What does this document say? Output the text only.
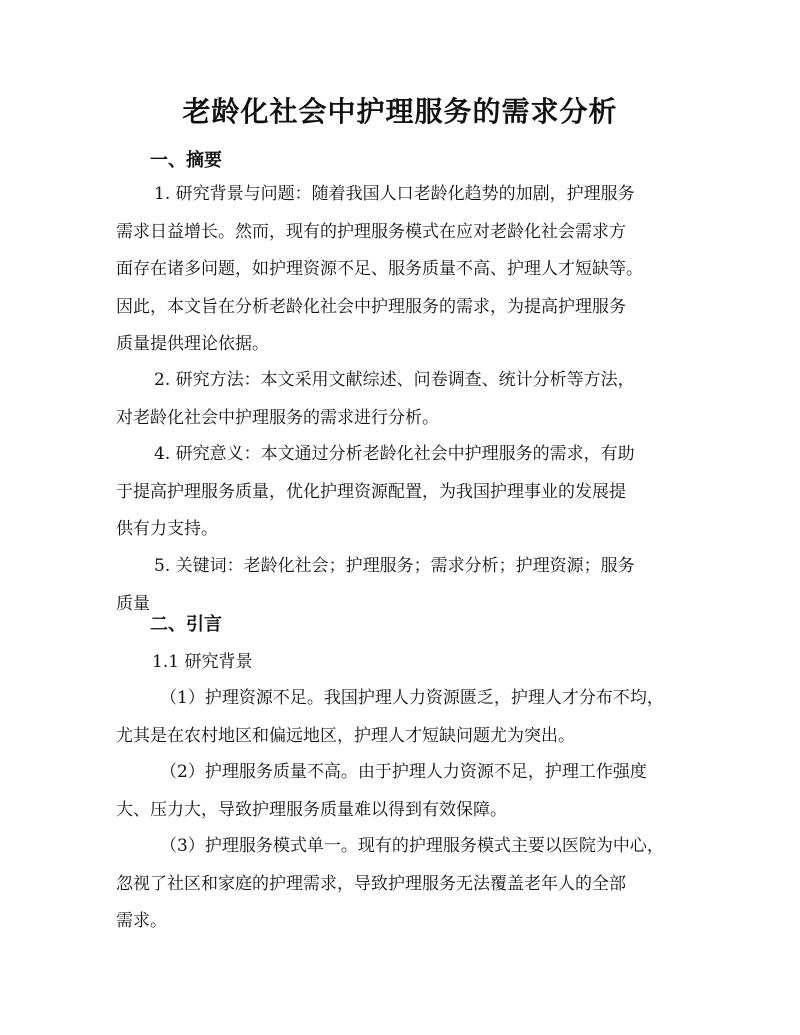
老龄化社会中护理服务的需求分析
一、摘要

1. 研究背景与问题：随着我国人口老龄化趋势的加剧，护理服务
需求日益增长。然而，现有的护理服务模式在应对老龄化社会需求方
面存在诸多问题，如护理资源不足、服务质量不高、护理人才短缺等。
因此，本文旨在分析老龄化社会中护理服务的需求，为提高护理服务
质量提供理论依据。

2. 研究方法：本文采用文献综述、问卷调查、统计分析等方法，
对老龄化社会中护理服务的需求进行分析。

4. 研究意义：本文通过分析老龄化社会中护理服务的需求，有助
于提高护理服务质量，优化护理资源配置，为我国护理事业的发展提
供有力支持。

5. 关键词：老龄化社会；护理服务；需求分析；护理资源；服务
质量

二、引言

1.1 研究背景

（1）护理资源不足。我国护理人力资源匮乏，护理人才分布不均，
尤其是在农村地区和偏远地区，护理人才短缺问题尤为突出。

（2）护理服务质量不高。由于护理人力资源不足，护理工作强度
大、压力大，导致护理服务质量难以得到有效保障。

（3）护理服务模式单一。现有的护理服务模式主要以医院为中心，
忽视了社区和家庭的护理需求，导致护理服务无法覆盖老年人的全部
需求。
